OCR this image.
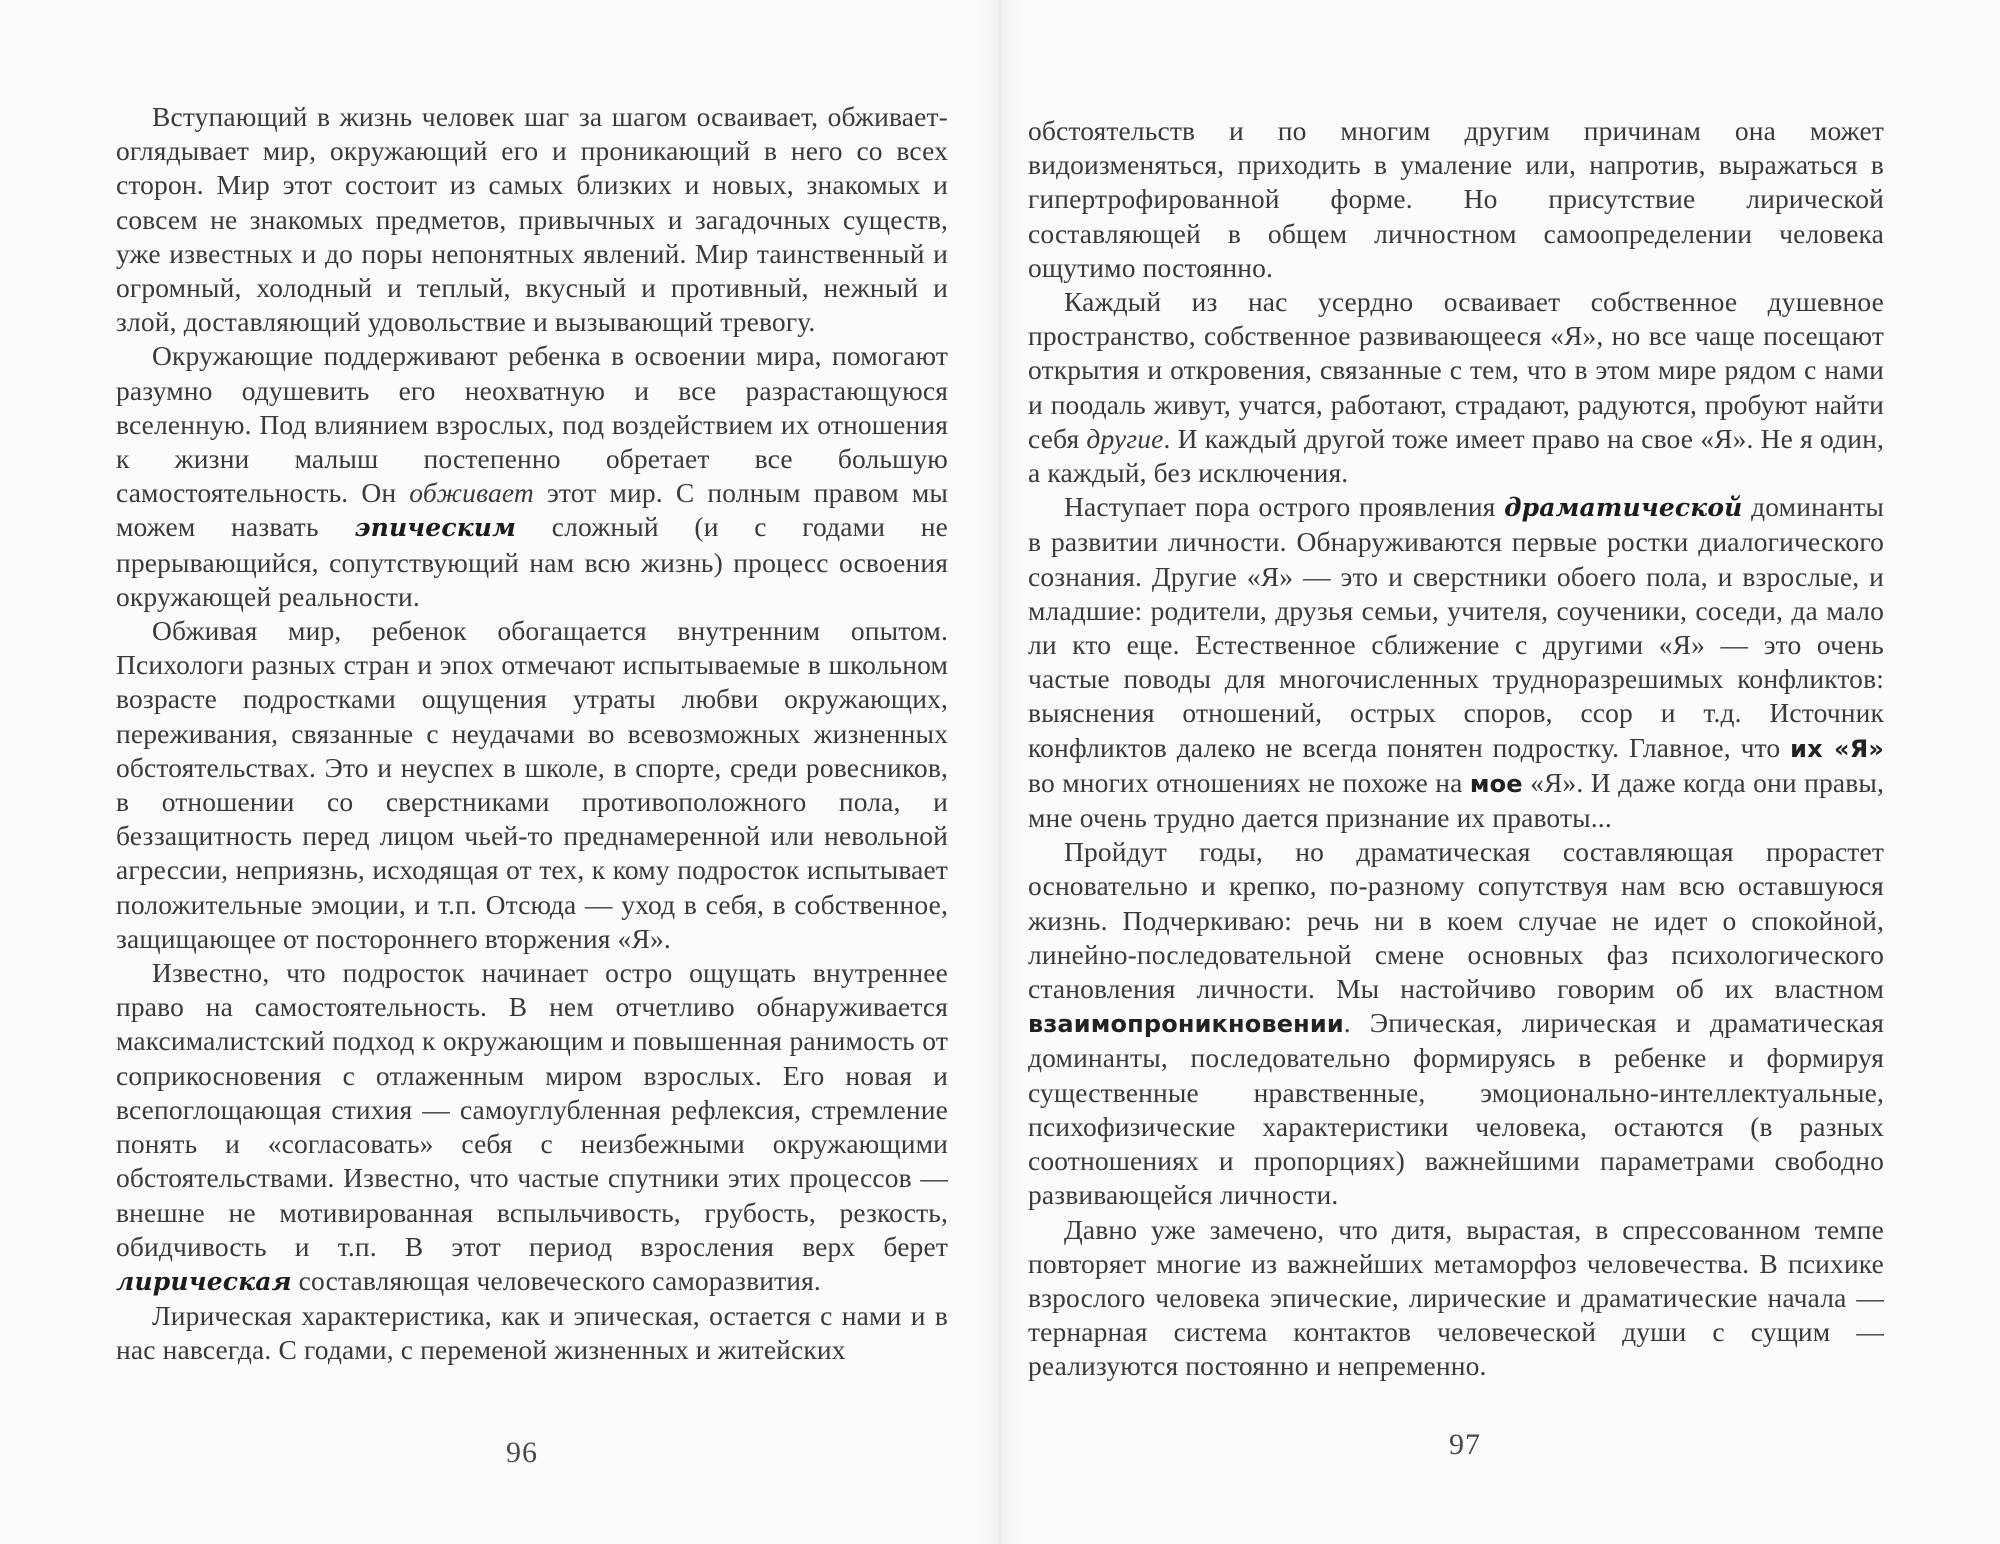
Вступающий в жизнь человек шаг за шагом осваивает, обживает-оглядывает мир, окружающий его и проникающий в него со всех сторон. Мир этот состоит из самых близких и новых, знакомых и совсем не знакомых предметов, привычных и загадочных существ, уже известных и до поры непонятных явлений. Мир таинственный и огромный, холодный и теплый, вкусный и противный, нежный и злой, доставляющий удовольствие и вызывающий тревогу.

Окружающие поддерживают ребенка в освоении мира, помогают разумно одушевить его неохватную и все разрастающуюся вселенную. Под влиянием взрослых, под воздействием их отношения к жизни малыш постепенно обретает все большую самостоятельность. Он обживает этот мир. С полным правом мы можем назвать эпическим сложный (и с годами не прерывающийся, сопутствующий нам всю жизнь) процесс освоения окружающей реальности.

Обживая мир, ребенок обогащается внутренним опытом. Психологи разных стран и эпох отмечают испытываемые в школьном возрасте подростками ощущения утраты любви окружающих, переживания, связанные с неудачами во всевозможных жизненных обстоятельствах. Это и неуспех в школе, в спорте, среди ровесников, в отношении со сверстниками противоположного пола, и беззащитность перед лицом чьей-то преднамеренной или невольной агрессии, неприязнь, исходящая от тех, к кому подросток испытывает положительные эмоции, и т.п. Отсюда — уход в себя, в собственное, защищающее от постороннего вторжения «Я».

Известно, что подросток начинает остро ощущать внутреннее право на самостоятельность. В нем отчетливо обнаруживается максималистский подход к окружающим и повышенная ранимость от соприкосновения с отлаженным миром взрослых. Его новая и всепоглощающая стихия — самоуглубленная рефлексия, стремление понять и «согласовать» себя с неизбежными окружающими обстоятельствами. Известно, что частые спутники этих процессов — внешне не мотивированная вспыльчивость, грубость, резкость, обидчивость и т.п. В этот период взросления верх берет лирическая составляющая человеческого саморазвития.

Лирическая характеристика, как и эпическая, остается с нами и в нас навсегда. С годами, с переменой жизненных и житейских

96

обстоятельств и по многим другим причинам она может видоизменяться, приходить в умаление или, напротив, выражаться в гипертрофированной форме. Но присутствие лирической составляющей в общем личностном самоопределении человека ощутимо постоянно.

Каждый из нас усердно осваивает собственное душевное пространство, собственное развивающееся «Я», но все чаще посещают открытия и откровения, связанные с тем, что в этом мире рядом с нами и поодаль живут, учатся, работают, страдают, радуются, пробуют найти себя другие. И каждый другой тоже имеет право на свое «Я». Не я один, а каждый, без исключения.

Наступает пора острого проявления драматической доминанты в развитии личности. Обнаруживаются первые ростки диалогического сознания. Другие «Я» — это и сверстники обоего пола, и взрослые, и младшие: родители, друзья семьи, учителя, соученики, соседи, да мало ли кто еще. Естественное сближение с другими «Я» — это очень частые поводы для многочисленных трудноразрешимых конфликтов: выяснения отношений, острых споров, ссор и т.д. Источник конфликтов далеко не всегда понятен подростку. Главное, что их «Я» во многих отношениях не похоже на мое «Я». И даже когда они правы, мне очень трудно дается признание их правоты...

Пройдут годы, но драматическая составляющая прорастет основательно и крепко, по-разному сопутствуя нам всю оставшуюся жизнь. Подчеркиваю: речь ни в коем случае не идет о спокойной, линейно-последовательной смене основных фаз психологического становления личности. Мы настойчиво говорим об их властном взаимопроникновении. Эпическая, лирическая и драматическая доминанты, последовательно формируясь в ребенке и формируя существенные нравственные, эмоционально-интеллектуальные, психофизические характеристики человека, остаются (в разных соотношениях и пропорциях) важнейшими параметрами свободно развивающейся личности.

Давно уже замечено, что дитя, вырастая, в спрессованном темпе повторяет многие из важнейших метаморфоз человечества. В психике взрослого человека эпические, лирические и драматические начала — тернарная система контактов человеческой души с сущим — реализуются постоянно и непременно.

97
